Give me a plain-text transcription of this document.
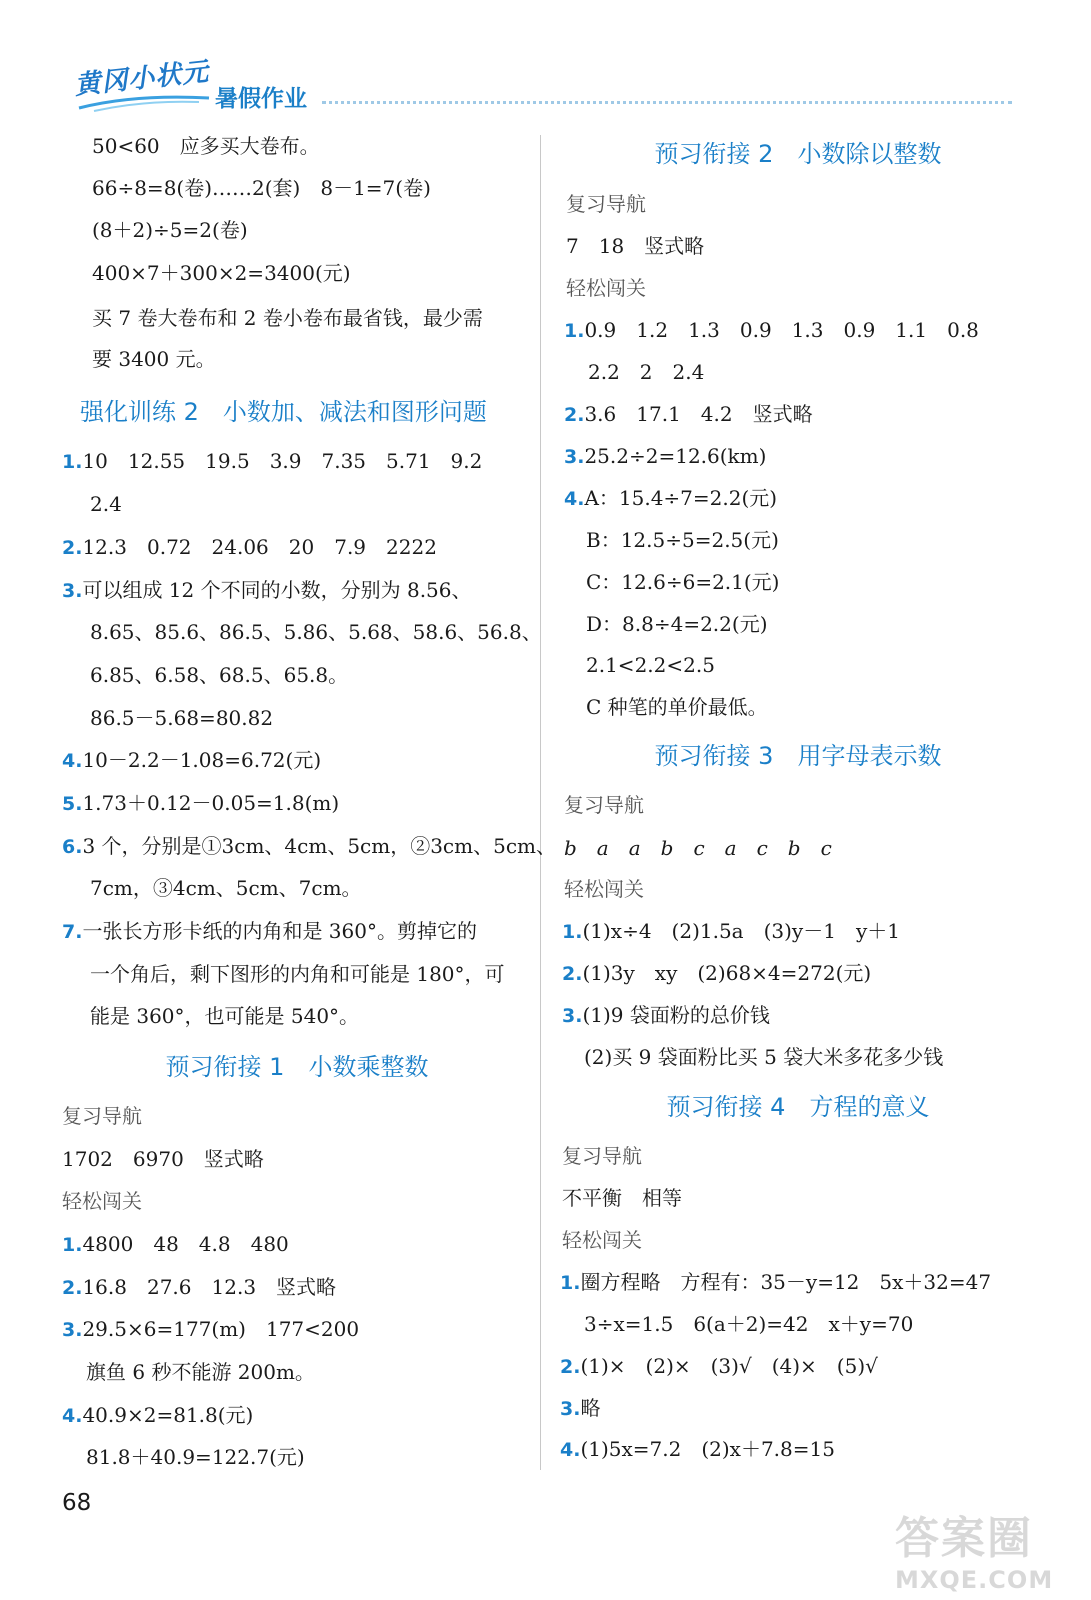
黄冈小状元 暑假作业
50<60　应多买大卷布。
66÷8=8(卷)……2(套)　8－1=7(卷)
(8＋2)÷5=2(卷)
400×7＋300×2=3400(元)
买 7 卷大卷布和 2 卷小卷布最省钱，最少需
要 3400 元。
强化训练 2　小数加、减法和图形问题
1.10　12.55　19.5　3.9　7.35　5.71　9.2
2.4
2.12.3　0.72　24.06　20　7.9　2222
3.可以组成 12 个不同的小数，分别为 8.56、
8.65、85.6、86.5、5.86、5.68、58.6、56.8、
6.85、6.58、68.5、65.8。
86.5－5.68=80.82
4.10－2.2－1.08=6.72(元)
5.1.73＋0.12－0.05=1.8(m)
6.3 个，分别是①3cm、4cm、5cm，②3cm、5cm、
7cm，③4cm、5cm、7cm。
7.一张长方形卡纸的内角和是 360°。剪掉它的
一个角后，剩下图形的内角和可能是 180°，可
能是 360°，也可能是 540°。
预习衔接 1　小数乘整数
复习导航
1702　6970　竖式略
轻松闯关
1.4800　48　4.8　480
2.16.8　27.6　12.3　竖式略
3.29.5×6=177(m)　177<200
旗鱼 6 秒不能游 200m。
4.40.9×2=81.8(元)
81.8＋40.9=122.7(元)
预习衔接 2　小数除以整数
复习导航
7　18　竖式略
轻松闯关
1.0.9　1.2　1.3　0.9　1.3　0.9　1.1　0.8
2.2　2　2.4
2.3.6　17.1　4.2　竖式略
3.25.2÷2=12.6(km)
4.A：15.4÷7=2.2(元)
B：12.5÷5=2.5(元)
C：12.6÷6=2.1(元)
D：8.8÷4=2.2(元)
2.1<2.2<2.5
C 种笔的单价最低。
预习衔接 3　用字母表示数
复习导航
b　a　a　b　c　a　c　b　c
轻松闯关
1.(1)x÷4　(2)1.5a　(3)y－1　y＋1
2.(1)3y　xy　(2)68×4=272(元)
3.(1)9 袋面粉的总价钱
(2)买 9 袋面粉比买 5 袋大米多花多少钱
预习衔接 4　方程的意义
复习导航
不平衡　相等
轻松闯关
1.圈方程略　方程有：35－y=12　5x＋32=47
3÷x=1.5　6(a＋2)=42　x＋y=70
2.(1)×　(2)×　(3)√　(4)×　(5)√
3.略
4.(1)5x=7.2　(2)x＋7.8=15
68
答案圈
MXQE.COM
